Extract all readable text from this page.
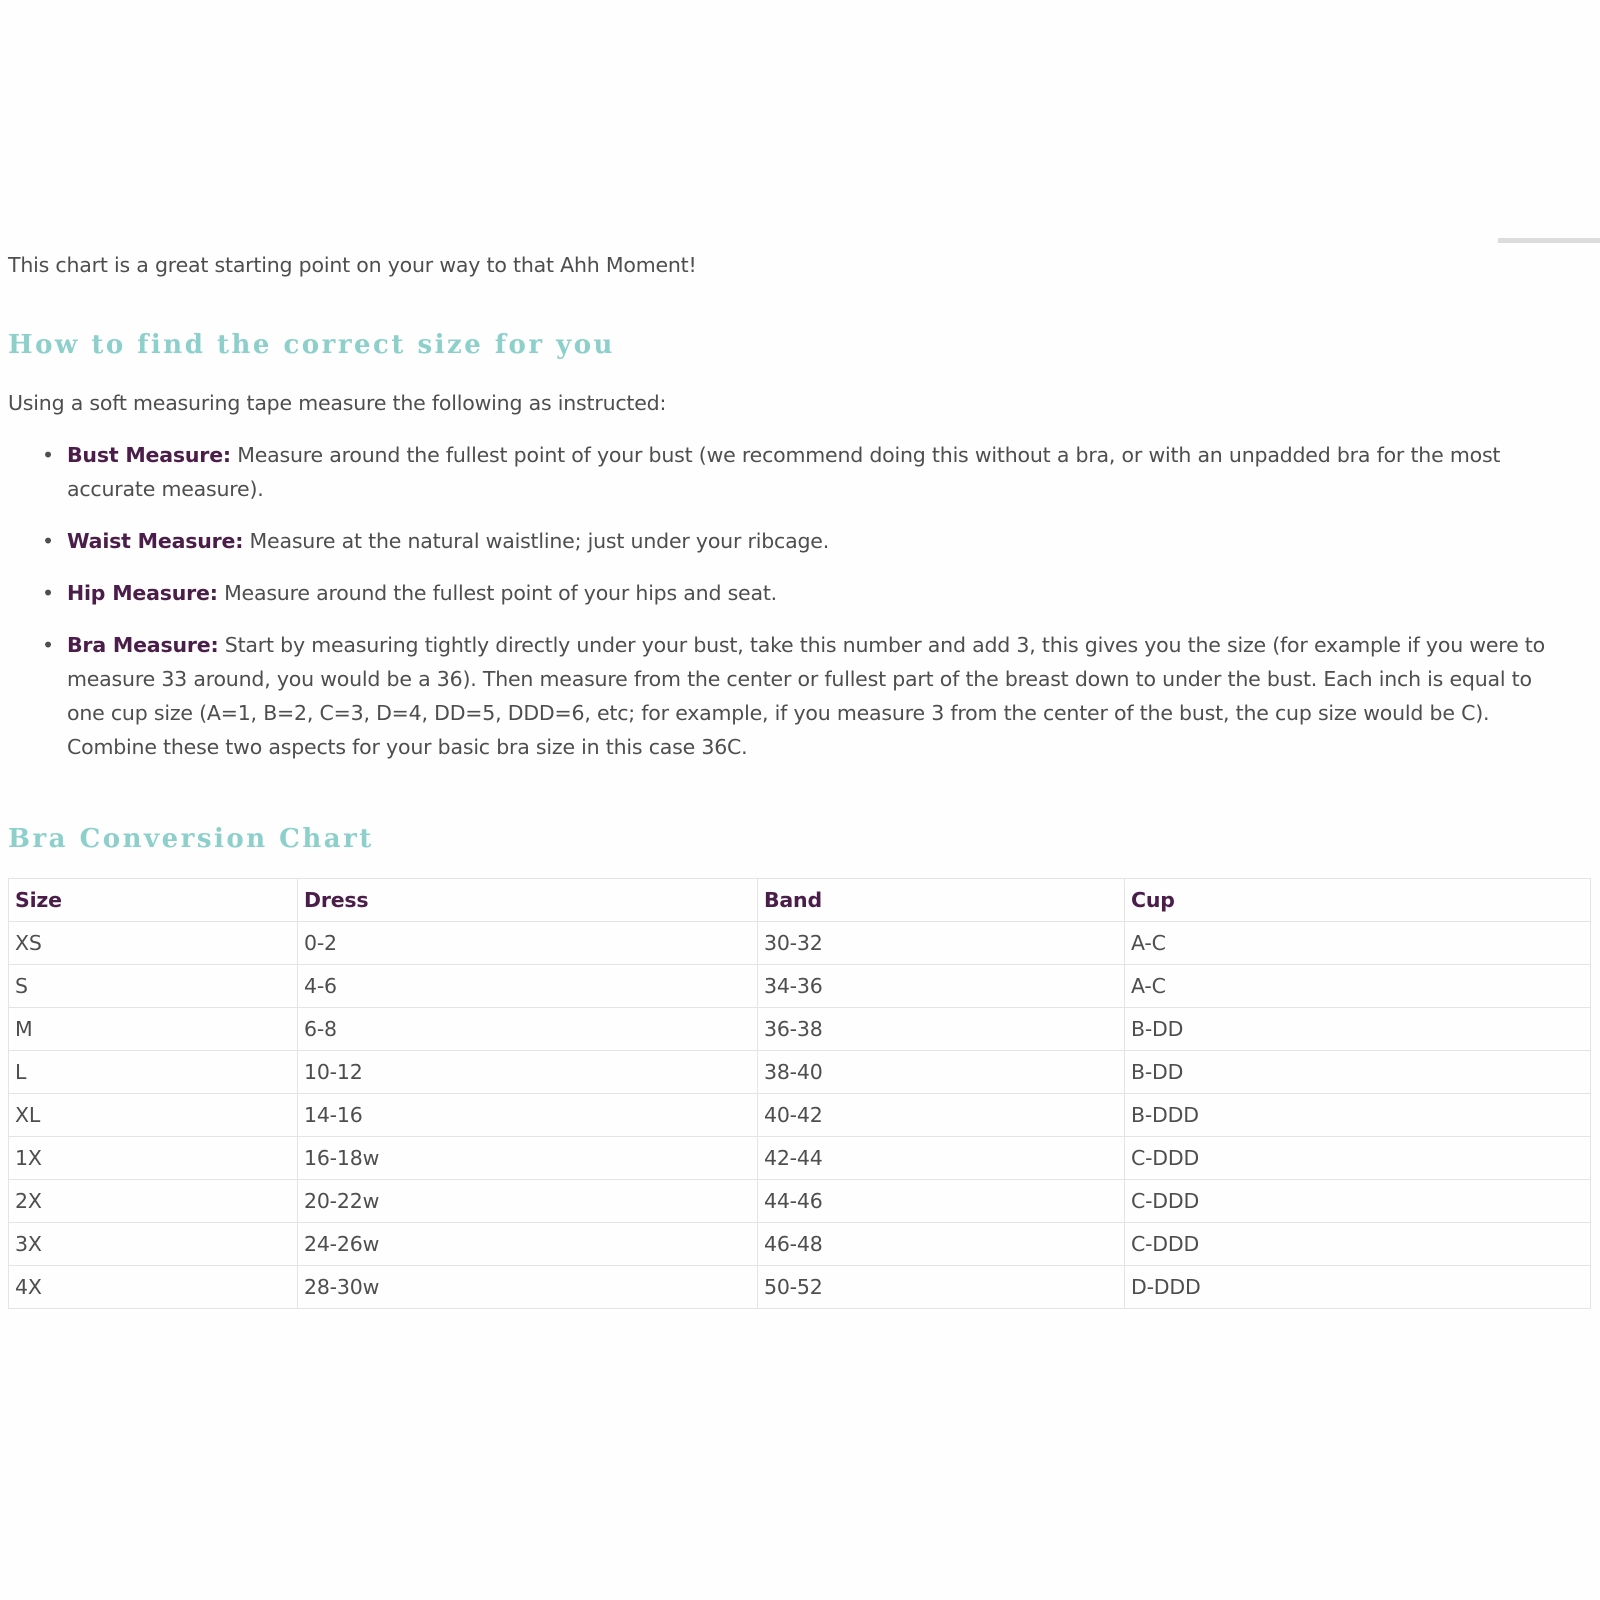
This chart is a great starting point on your way to that Ahh Moment!

How to find the correct size for you

Using a soft measuring tape measure the following as instructed:

• Bust Measure: Measure around the fullest point of your bust (we recommend doing this without a bra, or with an unpadded bra for the most accurate measure).
• Waist Measure: Measure at the natural waistline; just under your ribcage.
• Hip Measure: Measure around the fullest point of your hips and seat.
• Bra Measure: Start by measuring tightly directly under your bust, take this number and add 3, this gives you the size (for example if you were to measure 33 around, you would be a 36). Then measure from the center or fullest part of the breast down to under the bust. Each inch is equal to one cup size (A=1, B=2, C=3, D=4, DD=5, DDD=6, etc; for example, if you measure 3 from the center of the bust, the cup size would be C). Combine these two aspects for your basic bra size in this case 36C.
Bra Conversion Chart
Size	Dress	Band	Cup
XS	0-2	30-32	A-C
S	4-6	34-36	A-C
M	6-8	36-38	B-DD
L	10-12	38-40	B-DD
XL	14-16	40-42	B-DDD
1X	16-18w	42-44	C-DDD
2X	20-22w	44-46	C-DDD
3X	24-26w	46-48	C-DDD
4X	28-30w	50-52	D-DDD
